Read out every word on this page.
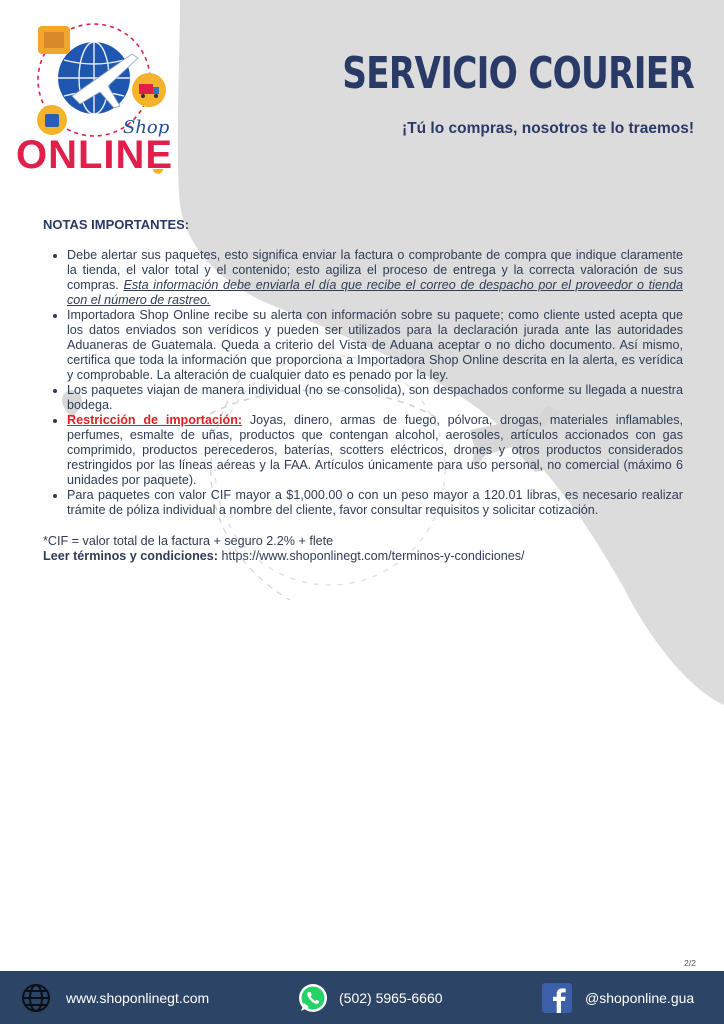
Shop
ONLINE
SERVICIO COURIER
¡Tú lo compras, nosotros te lo traemos!
NOTAS IMPORTANTES:
• Debe alertar sus paquetes, esto significa enviar la factura o comprobante de compra que indique claramente la tienda, el valor total y el contenido; esto agiliza el proceso de entrega y la correcta valoración de sus compras. Esta información debe enviarla el día que recibe el correo de despacho por el proveedor o tienda con el número de rastreo.
• Importadora Shop Online recibe su alerta con información sobre su paquete; como cliente usted acepta que los datos enviados son verídicos y pueden ser utilizados para la declaración jurada ante las autoridades Aduaneras de Guatemala. Queda a criterio del Vista de Aduana aceptar o no dicho documento. Así mismo, certifica que toda la información que proporciona a Importadora Shop Online descrita en la alerta, es verídica y comprobable. La alteración de cualquier dato es penado por la ley.
• Los paquetes viajan de manera individual (no se consolida), son despachados conforme su llegada a nuestra bodega.
• Restricción de importación: Joyas, dinero, armas de fuego, pólvora, drogas, materiales inflamables, perfumes, esmalte de uñas, productos que contengan alcohol, aerosoles, artículos accionados con gas comprimido, productos perecederos, baterías, scotters eléctricos, drones y otros productos considerados restringidos por las líneas aéreas y la FAA. Artículos únicamente para uso personal, no comercial (máximo 6 unidades por paquete).
• Para paquetes con valor CIF mayor a $1,000.00 o con un peso mayor a 120.01 libras, es necesario realizar trámite de póliza individual a nombre del cliente, favor consultar requisitos y solicitar cotización.
*CIF = valor total de la factura + seguro 2.2% + flete
Leer términos y condiciones: https://www.shoponlinegt.com/terminos-y-condiciones/
2/2
www.shoponlinegt.com	(502) 5965-6660	@shoponline.gua
